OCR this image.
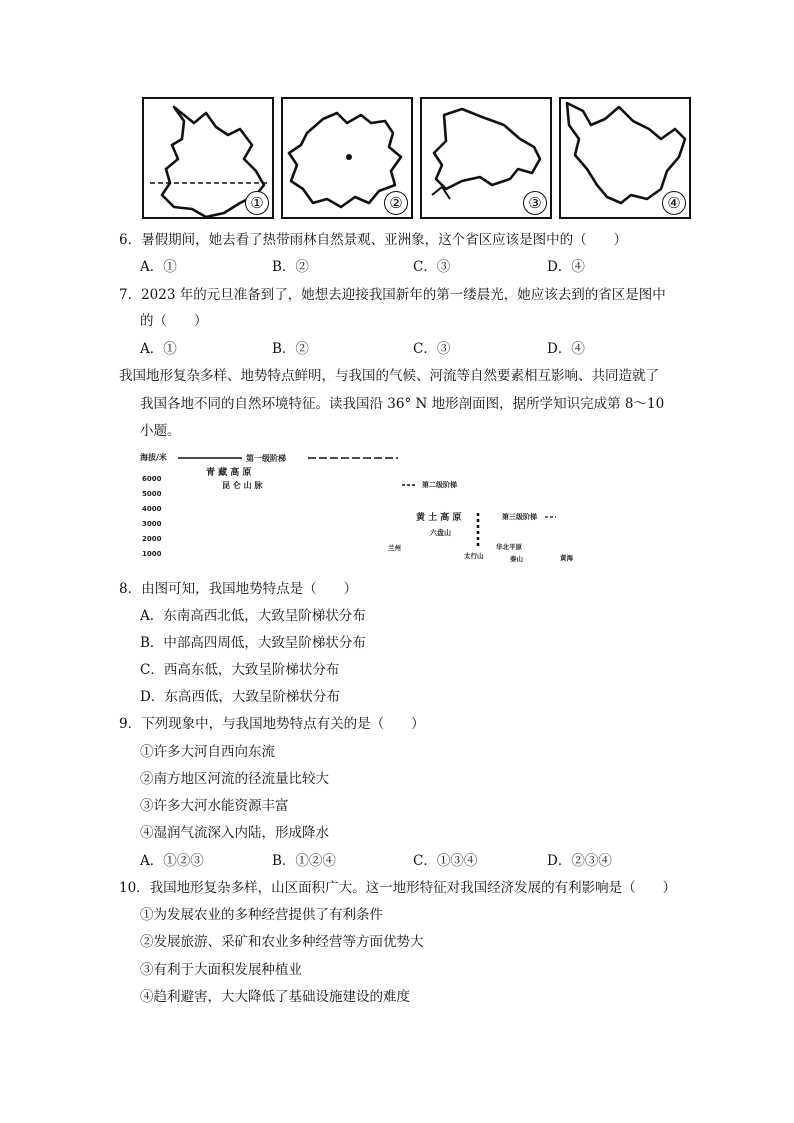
①	②	③	④
6．暑假期间，她去看了热带雨林自然景观、亚洲象，这个省区应该是图中的（　　）
A．①	B．②	C．③	D．④
7．2023 年的元旦准备到了，她想去迎接我国新年的第一缕晨光，她应该去到的省区是图中
的（　　）
A．①	B．②	C．③	D．④
我国地形复杂多样、地势特点鲜明，与我国的气候、河流等自然要素相互影响、共同造就了
我国各地不同的自然环境特征。读我国沿 36° N 地形剖面图，据所学知识完成第 8～10
小题。
海拔/米
6000
5000
4000
3000
2000
1000
第一级阶梯
青 藏 高 原
昆 仑 山 脉	第二级阶梯
黄 土 高 原	第三级阶梯
六盘山
兰州
太行山
华北平原
泰山	黄海
8．由图可知，我国地势特点是（　　）
A．东南高西北低，大致呈阶梯状分布
B．中部高四周低，大致呈阶梯状分布
C．西高东低，大致呈阶梯状分布
D．东高西低，大致呈阶梯状分布
9．下列现象中，与我国地势特点有关的是（　　）
①许多大河自西向东流
②南方地区河流的径流量比较大
③许多大河水能资源丰富
④湿润气流深入内陆，形成降水
A．①②③	B．①②④	C．①③④	D．②③④
10．我国地形复杂多样，山区面积广大。这一地形特征对我国经济发展的有利影响是（　　）
①为发展农业的多种经营提供了有利条件
②发展旅游、采矿和农业多种经营等方面优势大
③有利于大面积发展种植业
④趋利避害，大大降低了基础设施建设的难度
